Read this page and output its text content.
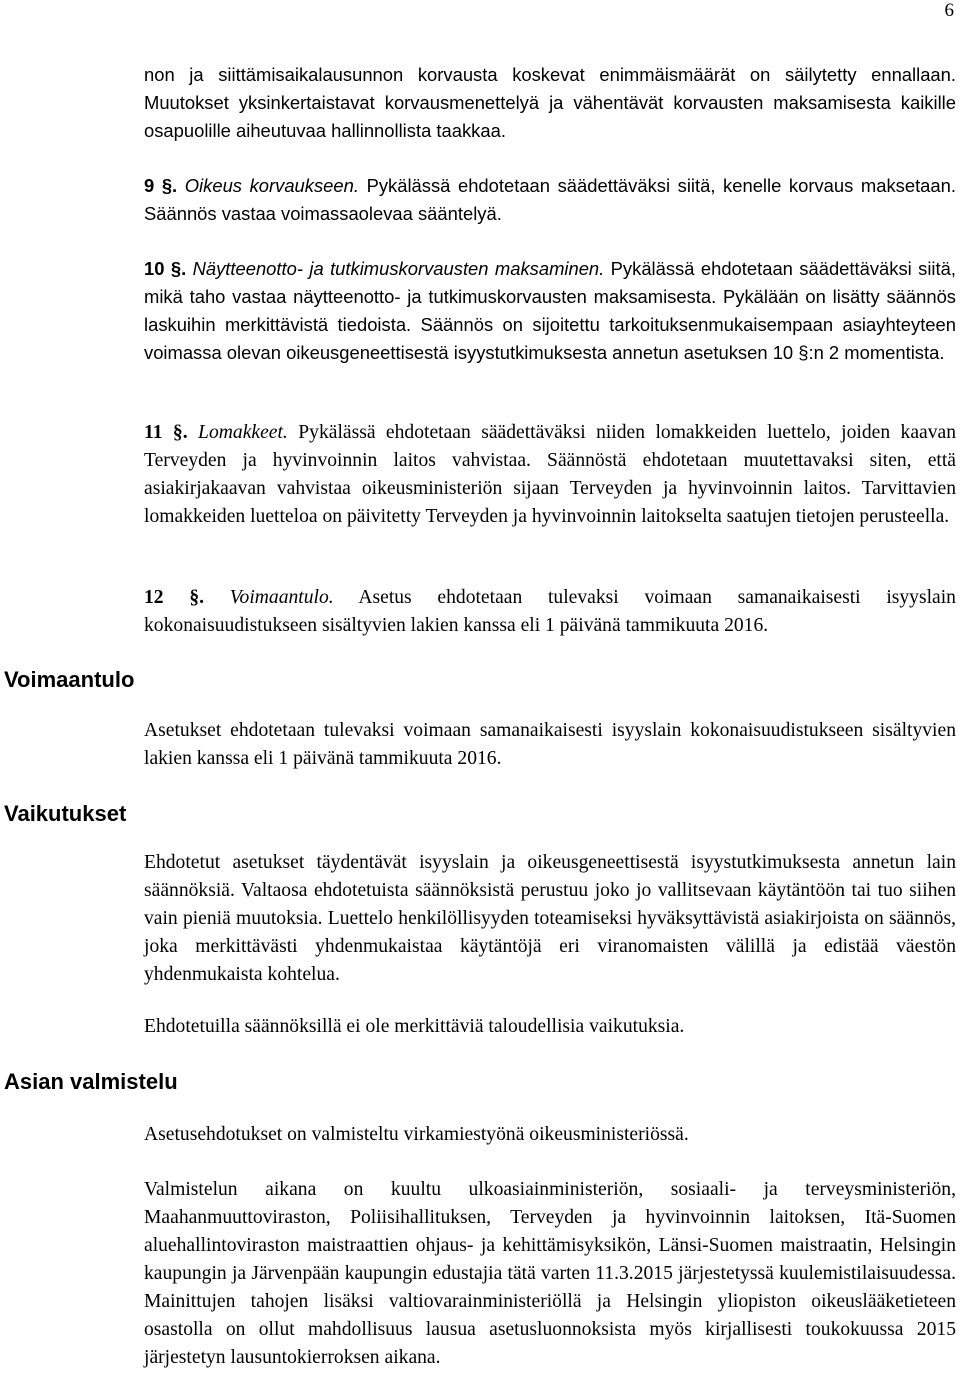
6
Voimaantulo
Vaikutukset
Asian valmistelu

non ja siittämisaikalausunnon korvausta koskevat enimmäismäärät on säilytetty ennallaan. Muutokset yksinkertaistavat korvausmenettelyä ja vähentävät korvausten maksamisesta kaikille osapuolille aiheutuvaa hallinnollista taakkaa.

9 §. Oikeus korvaukseen. Pykälässä ehdotetaan säädettäväksi siitä, kenelle korvaus maksetaan. Säännös vastaa voimassaolevaa sääntelyä.

10 §. Näytteenotto- ja tutkimuskorvausten maksaminen. Pykälässä ehdotetaan säädettäväksi siitä, mikä taho vastaa näytteenotto- ja tutkimuskorvausten maksamisesta. Pykälään on lisätty säännös laskuihin merkittävistä tiedoista. Säännös on sijoitettu tarkoituksenmukaisempaan asiayhteyteen voimassa olevan oikeusgeneettisestä isyystutkimuksesta annetun asetuksen 10 §:n 2 momentista.

11 §. Lomakkeet. Pykälässä ehdotetaan säädettäväksi niiden lomakkeiden luettelo, joiden kaavan Terveyden ja hyvinvoinnin laitos vahvistaa. Säännöstä ehdotetaan muutettavaksi siten, että asiakirjakaavan vahvistaa oikeusministeriön sijaan Terveyden ja hyvinvoinnin laitos. Tarvittavien lomakkeiden luetteloa on päivitetty Terveyden ja hyvinvoinnin laitokselta saatujen tietojen perusteella.

12 §. Voimaantulo. Asetus ehdotetaan tulevaksi voimaan samanaikaisesti isyyslain kokonaisuudistukseen sisältyvien lakien kanssa eli 1 päivänä tammikuuta 2016.

Asetukset ehdotetaan tulevaksi voimaan samanaikaisesti isyyslain kokonaisuudistukseen sisältyvien lakien kanssa eli 1 päivänä tammikuuta 2016.

Ehdotetut asetukset täydentävät isyyslain ja oikeusgeneettisestä isyystutkimuksesta annetun lain säännöksiä. Valtaosa ehdotetuista säännöksistä perustuu joko jo vallitsevaan käytäntöön tai tuo siihen vain pieniä muutoksia. Luettelo henkilöllisyyden toteamiseksi hyväksyttävistä asiakirjoista on säännös, joka merkittävästi yhdenmukaistaa käytäntöjä eri viranomaisten välillä ja edistää väestön yhdenmukaista kohtelua.

Ehdotetuilla säännöksillä ei ole merkittäviä taloudellisia vaikutuksia.

Asetusehdotukset on valmisteltu virkamiestyönä oikeusministeriössä.

Valmistelun aikana on kuultu ulkoasiainministeriön, sosiaali- ja terveysministeriön, Maahanmuuttoviraston, Poliisihallituksen, Terveyden ja hyvinvoinnin laitoksen, Itä-Suomen aluehallintoviraston maistraattien ohjaus- ja kehittämisyksikön, Länsi-Suomen maistraatin, Helsingin kaupungin ja Järvenpään kaupungin edustajia tätä varten 11.3.2015 järjestetyssä kuulemistilaisuudessa. Mainittujen tahojen lisäksi valtiovarainministeriöllä ja Helsingin yliopiston oikeuslääketieteen osastolla on ollut mahdollisuus lausua asetusluonnoksista myös kirjallisesti toukokuussa 2015 järjestetyn lausuntokierroksen aikana.
